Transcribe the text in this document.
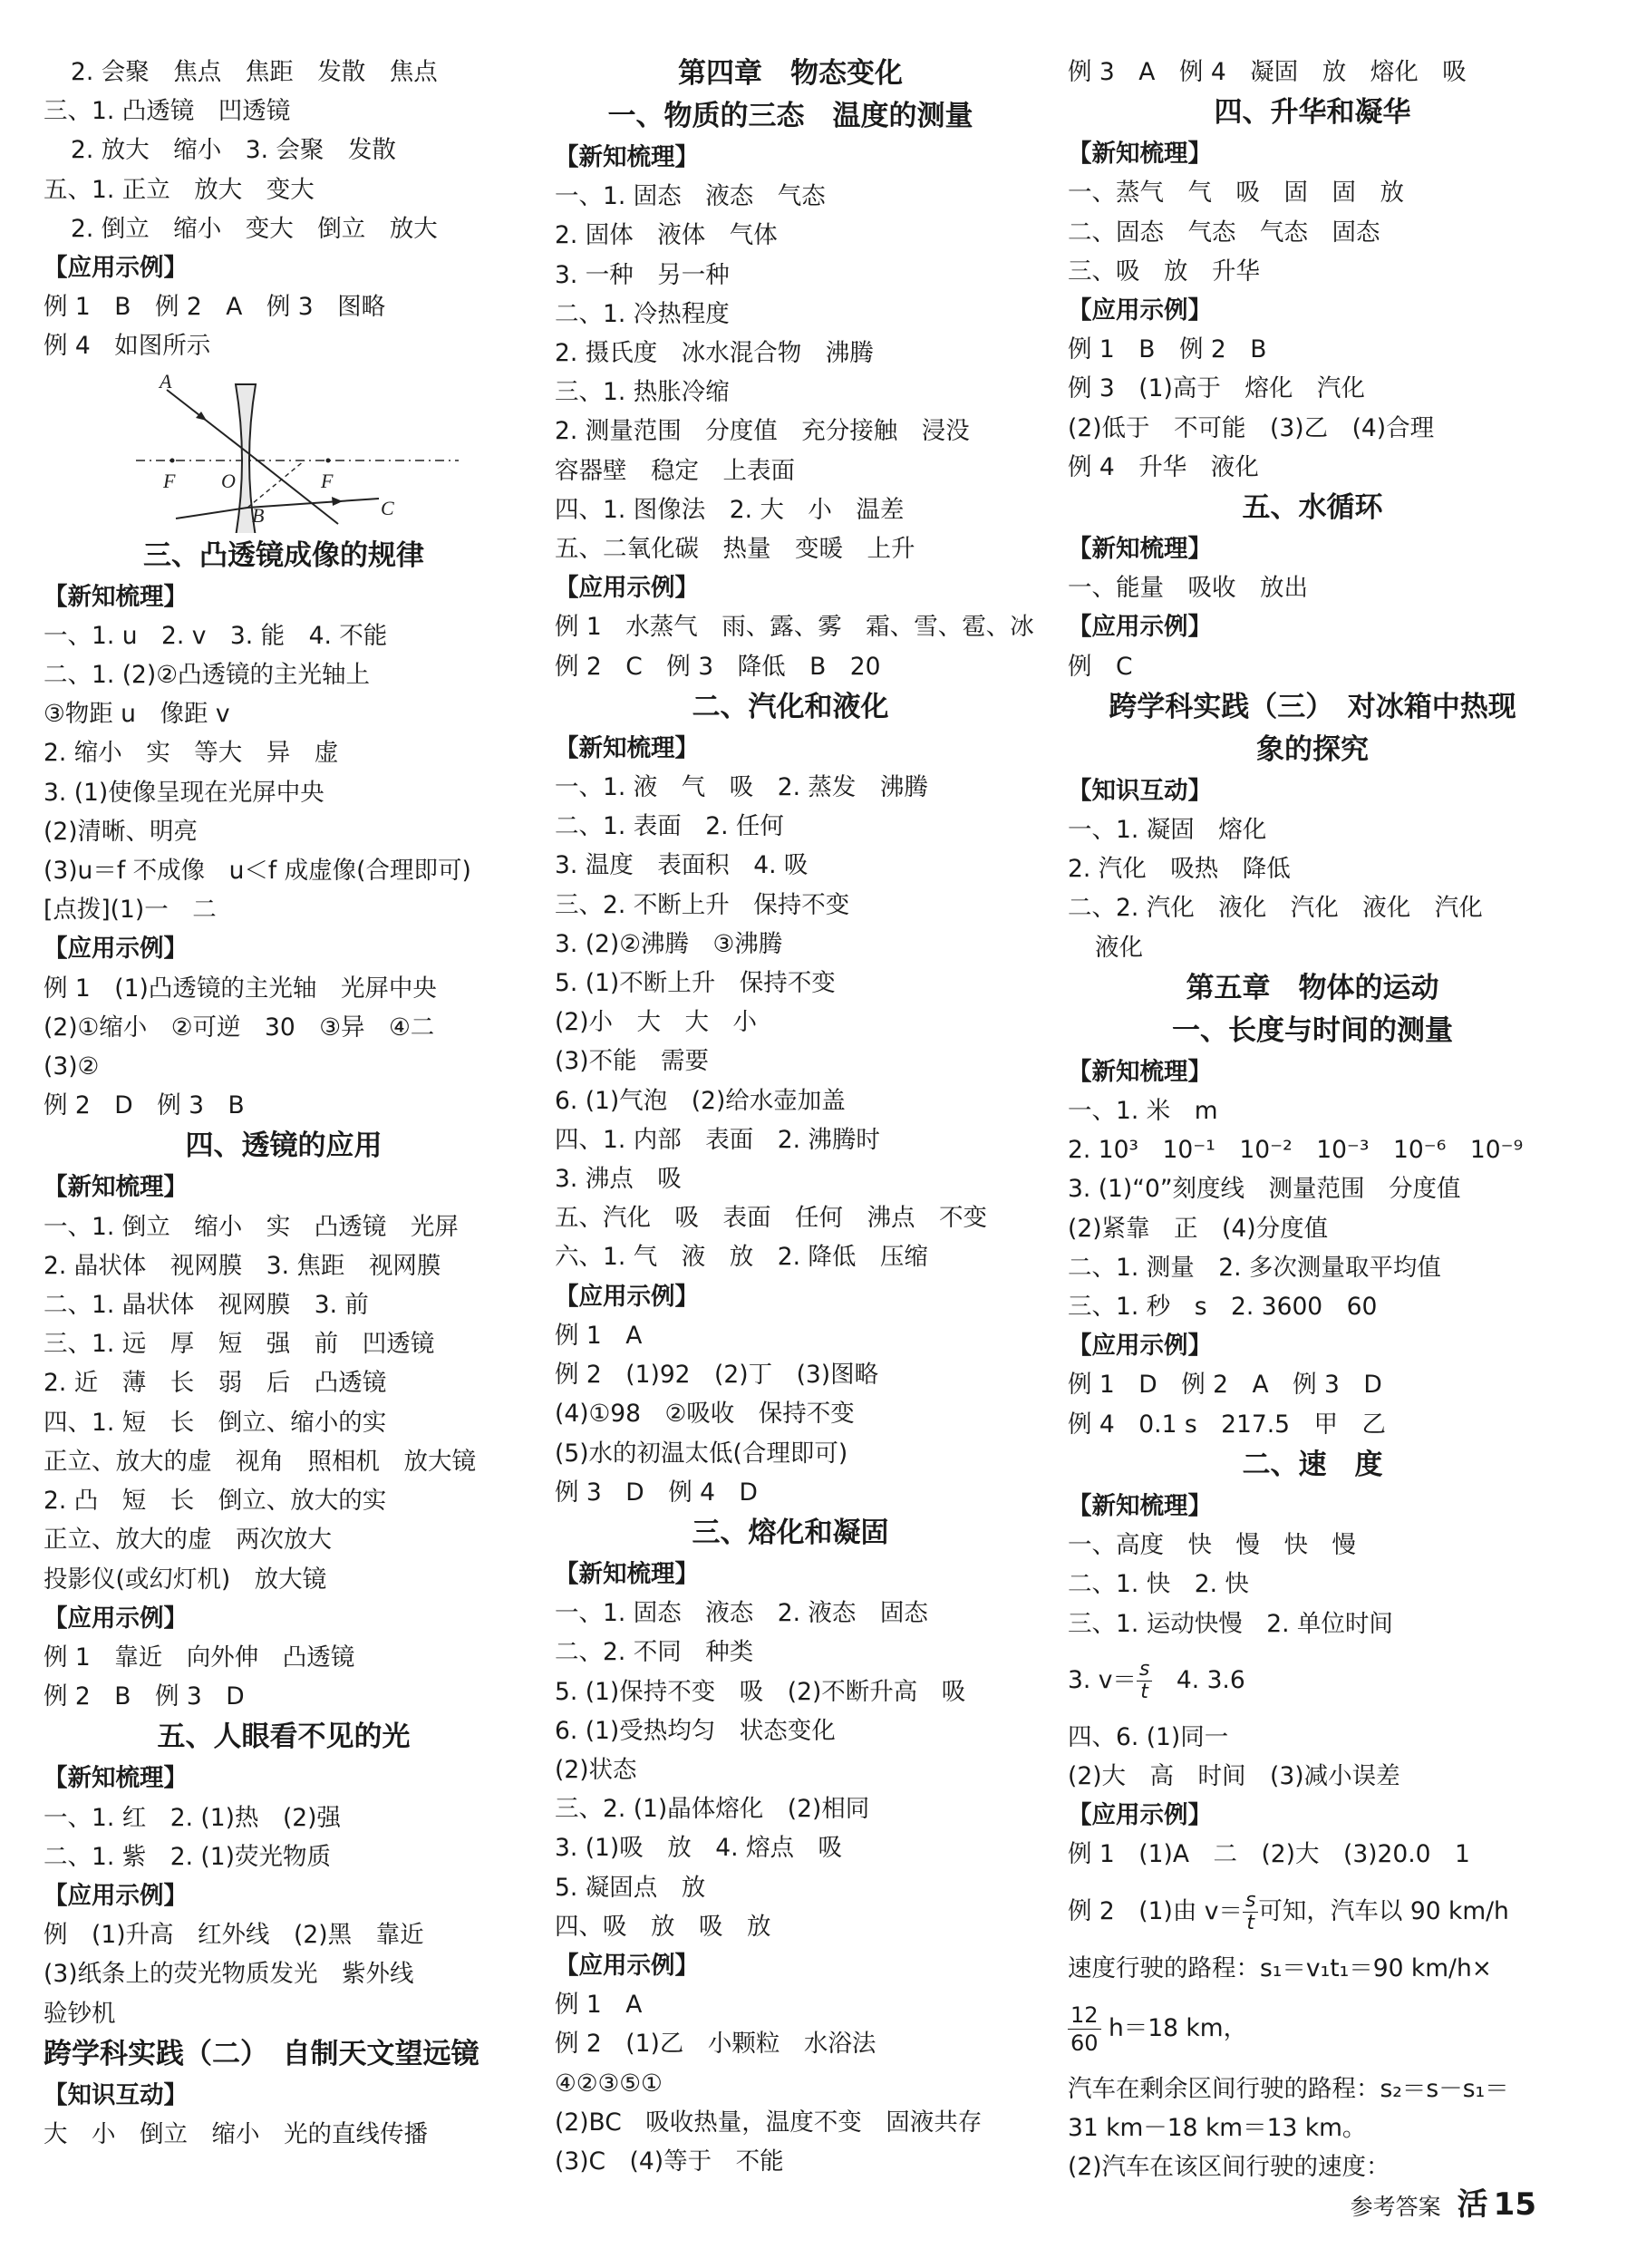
2. 会聚　焦点　焦距　发散　焦点
三、1. 凸透镜　凹透镜
2. 放大　缩小　3. 会聚　发散
五、1. 正立　放大　变大
2. 倒立　缩小　变大　倒立　放大
【应用示例】
例 1　B　例 2　A　例 3　图略
例 4　如图所示
A
F O	F
B	C
三、凸透镜成像的规律
【新知梳理】
一、1. u　2. v　3. 能　4. 不能
二、1. (2)②凸透镜的主光轴上
③物距 u　像距 v
2. 缩小　实　等大　异　虚
3. (1)使像呈现在光屏中央
(2)清晰、明亮
(3)u＝f 不成像　u＜f 成虚像(合理即可)
[点拨](1)一　二
【应用示例】
例 1　(1)凸透镜的主光轴　光屏中央
(2)①缩小　②可逆　30　③异　④二
(3)②
例 2　D　例 3　B
四、透镜的应用
【新知梳理】
一、1. 倒立　缩小　实　凸透镜　光屏
2. 晶状体　视网膜　3. 焦距　视网膜
二、1. 晶状体　视网膜　3. 前
三、1. 远　厚　短　强　前　凹透镜
2. 近　薄　长　弱　后　凸透镜
四、1. 短　长　倒立、缩小的实
正立、放大的虚　视角　照相机　放大镜
2. 凸　短　长　倒立、放大的实
正立、放大的虚　两次放大
投影仪(或幻灯机)　放大镜
【应用示例】
例 1　靠近　向外伸　凸透镜
例 2　B　例 3　D
五、人眼看不见的光
【新知梳理】
一、1. 红　2. (1)热　(2)强
二、1. 紫　2. (1)荧光物质
【应用示例】
例　(1)升高　红外线　(2)黑　靠近
(3)纸条上的荧光物质发光　紫外线
验钞机
跨学科实践（二）　自制天文望远镜
【知识互动】
大　小　倒立　缩小　光的直线传播
第四章　物态变化
一、物质的三态　温度的测量
【新知梳理】
一、1. 固态　液态　气态
2. 固体　液体　气体
3. 一种　另一种
二、1. 冷热程度
2. 摄氏度　冰水混合物　沸腾
三、1. 热胀冷缩
2. 测量范围　分度值　充分接触　浸没
容器壁　稳定　上表面
四、1. 图像法　2. 大　小　温差
五、二氧化碳　热量　变暖　上升
【应用示例】
例 1　水蒸气　雨、露、雾　霜、雪、雹、冰
例 2　C　例 3　降低　B　20
二、汽化和液化
【新知梳理】
一、1. 液　气　吸　2. 蒸发　沸腾
二、1. 表面　2. 任何
3. 温度　表面积　4. 吸
三、2. 不断上升　保持不变
3. (2)②沸腾　③沸腾
5. (1)不断上升　保持不变
(2)小　大　大　小
(3)不能　需要
6. (1)气泡　(2)给水壶加盖
四、1. 内部　表面　2. 沸腾时
3. 沸点　吸
五、汽化　吸　表面　任何　沸点　不变
六、1. 气　液　放　2. 降低　压缩
【应用示例】
例 1　A
例 2　(1)92　(2)丁　(3)图略
(4)①98　②吸收　保持不变
(5)水的初温太低(合理即可)
例 3　D　例 4　D
三、熔化和凝固
【新知梳理】
一、1. 固态　液态　2. 液态　固态
二、2. 不同　种类
5. (1)保持不变　吸　(2)不断升高　吸
6. (1)受热均匀　状态变化
(2)状态
三、2. (1)晶体熔化　(2)相同
3. (1)吸　放　4. 熔点　吸
5. 凝固点　放
四、吸　放　吸　放
【应用示例】
例 1　A
例 2　(1)乙　小颗粒　水浴法
④②③⑤①
(2)BC　吸收热量，温度不变　固液共存
(3)C　(4)等于　不能
例 3　A　例 4　凝固　放　熔化　吸
四、升华和凝华
【新知梳理】
一、蒸气　气　吸　固　固　放
二、固态　气态　气态　固态
三、吸　放　升华
【应用示例】
例 1　B　例 2　B
例 3　(1)高于　熔化　汽化
(2)低于　不可能　(3)乙　(4)合理
例 4　升华　液化
五、水循环
【新知梳理】
一、能量　吸收　放出
【应用示例】
例　C
跨学科实践（三）　对冰箱中热现
象的探究
【知识互动】
一、1. 凝固　熔化
2. 汽化　吸热　降低
二、2. 汽化　液化　汽化　液化　汽化
液化
第五章　物体的运动
一、长度与时间的测量
【新知梳理】
一、1. 米　m
2. 10³　10⁻¹　10⁻²　10⁻³　10⁻⁶　10⁻⁹
3. (1)“0”刻度线　测量范围　分度值
(2)紧靠　正　(4)分度值
二、1. 测量　2. 多次测量取平均值
三、1. 秒　s　2. 3600　60
【应用示例】
例 1　D　例 2　A　例 3　D
例 4　0.1 s　217.5　甲　乙
二、速　度
【新知梳理】
一、高度　快　慢　快　慢
二、1. 快　2. 快
三、1. 运动快慢　2. 单位时间
3. $v= \frac{s}{t}$ 　4. 3.6
四、6. (1)同一
(2)大　高　时间　(3)减小误差
【应用示例】
例 1　(1)A　二　(2)大　(3)20.0　1
例 2　(1)由 $v= \frac{s}{t}$ 可知，汽车以 90 km/h
速度行驶的路程：s₁＝v₁t₁＝90 km/h×
$\frac{12}{60} h=18$ km，
汽车在剩余区间行驶的路程：s₂＝s－s₁＝
31 km－18 km＝13 km。
(2)汽车在该区间行驶的速度：
参考答案 活 15
